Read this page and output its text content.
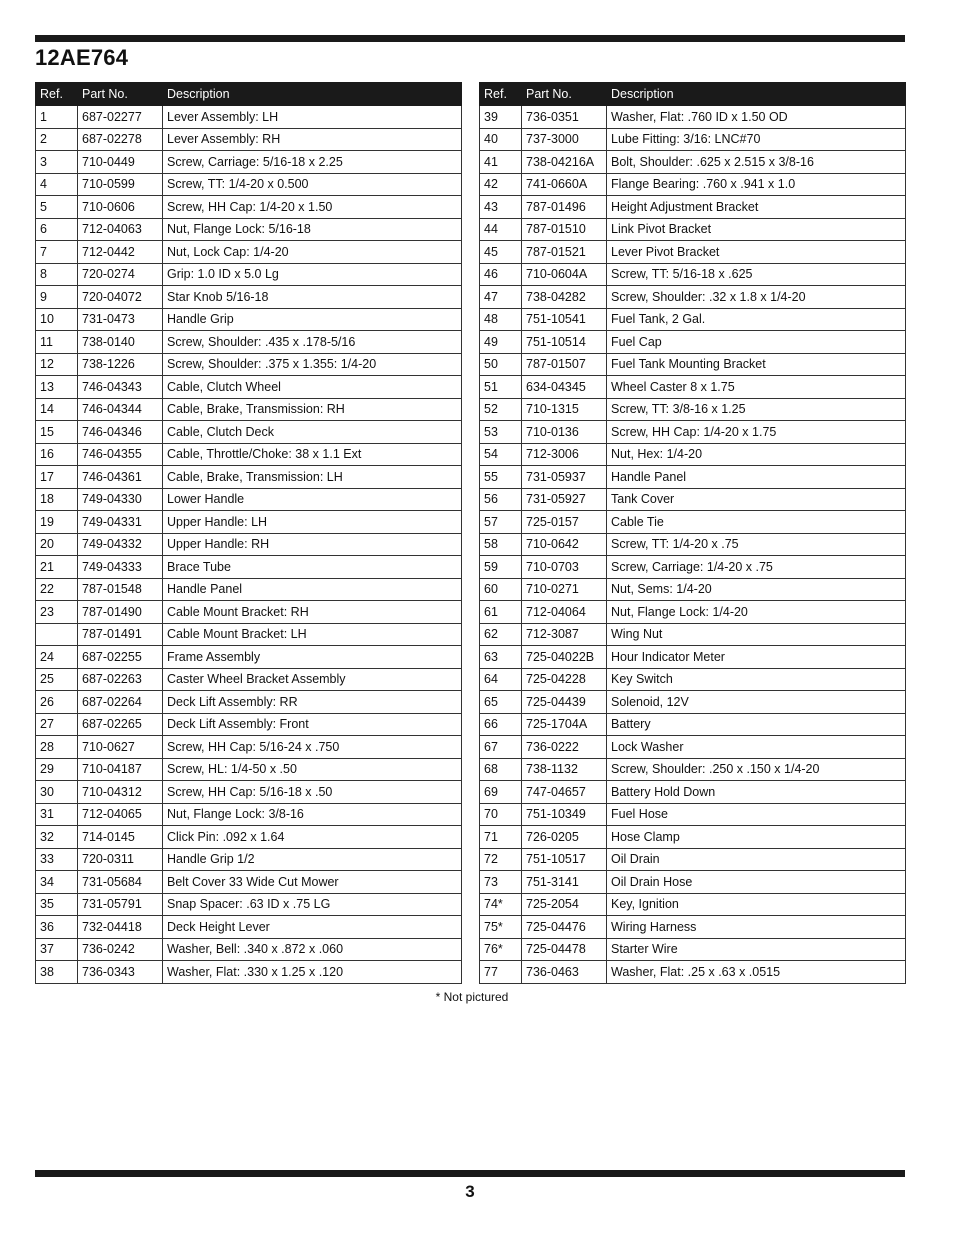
12AE764
Ref.	Part No.	Description
1	687-02277	Lever Assembly: LH
2	687-02278	Lever Assembly: RH
3	710-0449	Screw, Carriage: 5/16-18 x 2.25
4	710-0599	Screw, TT: 1/4-20 x 0.500
5	710-0606	Screw, HH Cap: 1/4-20 x 1.50
6	712-04063	Nut, Flange Lock: 5/16-18
7	712-0442	Nut, Lock Cap: 1/4-20
8	720-0274	Grip: 1.0 ID x 5.0 Lg
9	720-04072	Star Knob 5/16-18
10	731-0473	Handle Grip
11	738-0140	Screw, Shoulder: .435 x .178-5/16
12	738-1226	Screw, Shoulder: .375 x 1.355: 1/4-20
13	746-04343	Cable, Clutch Wheel
14	746-04344	Cable, Brake, Transmission: RH
15	746-04346	Cable, Clutch Deck
16	746-04355	Cable, Throttle/Choke: 38 x 1.1 Ext
17	746-04361	Cable, Brake, Transmission: LH
18	749-04330	Lower Handle
19	749-04331	Upper Handle: LH
20	749-04332	Upper Handle: RH
21	749-04333	Brace Tube
22	787-01548	Handle Panel
23	787-01490	Cable Mount Bracket: RH
	787-01491	Cable Mount Bracket: LH
24	687-02255	Frame Assembly
25	687-02263	Caster Wheel Bracket Assembly
26	687-02264	Deck Lift Assembly: RR
27	687-02265	Deck Lift Assembly: Front
28	710-0627	Screw, HH Cap: 5/16-24 x .750
29	710-04187	Screw, HL: 1/4-50 x .50
30	710-04312	Screw, HH Cap: 5/16-18 x .50
31	712-04065	Nut, Flange Lock: 3/8-16
32	714-0145	Click Pin: .092 x 1.64
33	720-0311	Handle Grip 1/2
34	731-05684	Belt Cover 33 Wide Cut Mower
35	731-05791	Snap Spacer: .63 ID x .75 LG
36	732-04418	Deck Height Lever
37	736-0242	Washer, Bell: .340 x .872 x .060
38	736-0343	Washer, Flat: .330 x 1.25 x .120
Ref.	Part No.	Description
39	736-0351	Washer, Flat: .760 ID x 1.50 OD
40	737-3000	Lube Fitting: 3/16: LNC#70
41	738-04216A	Bolt, Shoulder: .625 x 2.515 x 3/8-16
42	741-0660A	Flange Bearing: .760 x .941 x 1.0
43	787-01496	Height Adjustment Bracket
44	787-01510	Link Pivot Bracket
45	787-01521	Lever Pivot Bracket
46	710-0604A	Screw, TT: 5/16-18 x .625
47	738-04282	Screw, Shoulder: .32 x 1.8 x 1/4-20
48	751-10541	Fuel Tank, 2 Gal.
49	751-10514	Fuel Cap
50	787-01507	Fuel Tank Mounting Bracket
51	634-04345	Wheel Caster 8 x 1.75
52	710-1315	Screw, TT: 3/8-16 x 1.25
53	710-0136	Screw, HH Cap: 1/4-20 x 1.75
54	712-3006	Nut, Hex: 1/4-20
55	731-05937	Handle Panel
56	731-05927	Tank Cover
57	725-0157	Cable Tie
58	710-0642	Screw, TT: 1/4-20 x .75
59	710-0703	Screw, Carriage: 1/4-20 x .75
60	710-0271	Nut, Sems: 1/4-20
61	712-04064	Nut, Flange Lock: 1/4-20
62	712-3087	Wing Nut
63	725-04022B	Hour Indicator Meter
64	725-04228	Key Switch
65	725-04439	Solenoid, 12V
66	725-1704A	Battery
67	736-0222	Lock Washer
68	738-1132	Screw, Shoulder: .250 x .150 x 1/4-20
69	747-04657	Battery Hold Down
70	751-10349	Fuel Hose
71	726-0205	Hose Clamp
72	751-10517	Oil Drain
73	751-3141	Oil Drain Hose
74*	725-2054	Key, Ignition
75*	725-04476	Wiring Harness
76*	725-04478	Starter Wire
77	736-0463	Washer, Flat: .25 x .63 x .0515
* Not pictured
3
